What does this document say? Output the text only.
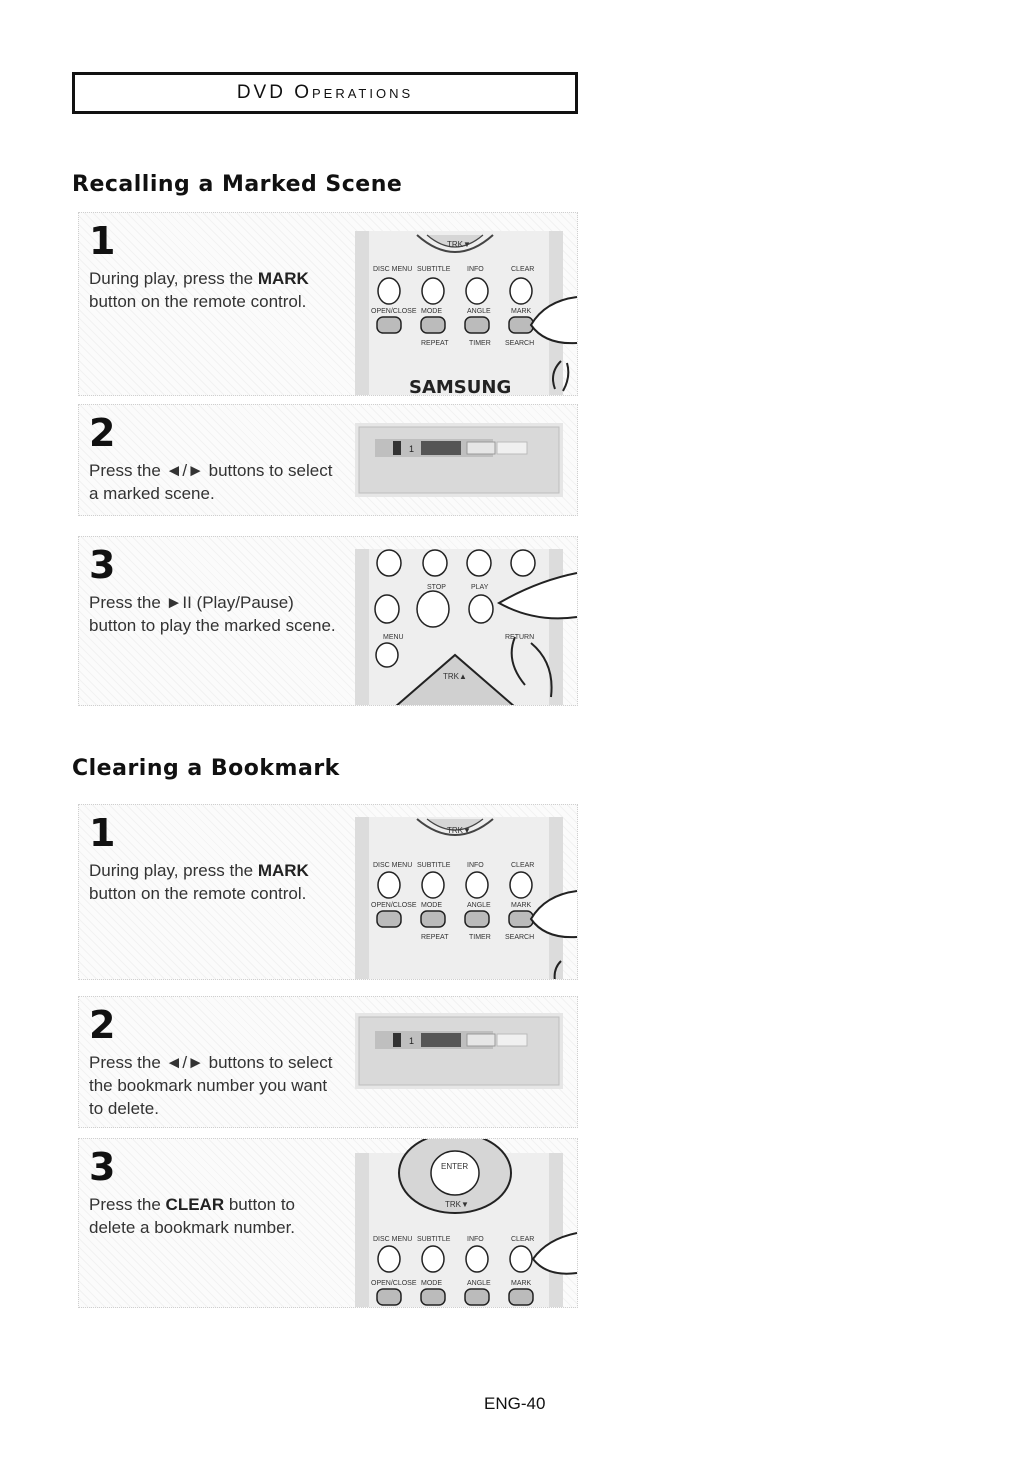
DVD Operations
Recalling a Marked Scene
1
During play, press the MARK button on the remote control.
TRK▼
DISC MENU SUBTITLE INFO	CLEAR
OPEN/CLOSE MODE	ANGLE	MARK
REPEAT	TIMER SEARCH
SAMSUNG
2
Press the ◄/► buttons to select a marked scene.
1
3
Press the ►II (Play/Pause) button to play the marked scene.
STOP	PLAY
MENU	RETURN
TRK▲
Clearing a Bookmark
1
During play, press the MARK button on the remote control.
TRK▼
DISC MENU SUBTITLE INFO	CLEAR
OPEN/CLOSE MODE	ANGLE	MARK
REPEAT	TIMER SEARCH
2
Press the ◄/► buttons to select the bookmark number you want to delete.
1
3
Press the CLEAR button to delete a bookmark number.
ENTER
TRK▼
DISC MENU SUBTITLE INFO	CLEAR
OPEN/CLOSE MODE	ANGLE	MARK
ENG-40
